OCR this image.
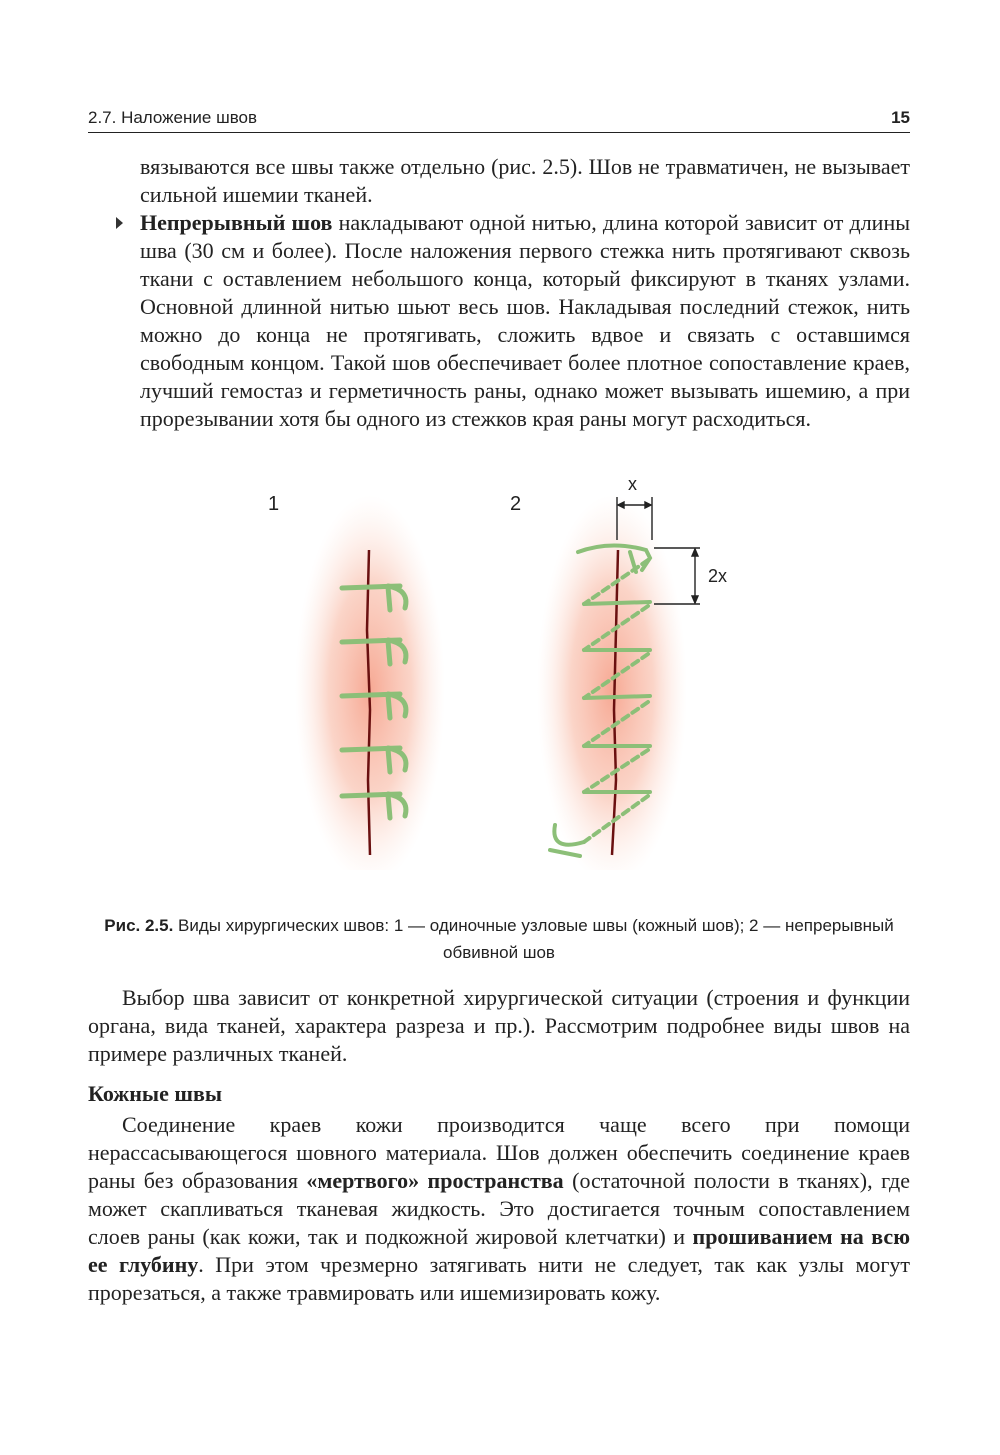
2.7. Наложение швов	15
вязываются все швы также отдельно (рис. 2.5). Шов не травматичен, не вызывает сильной ишемии тканей.
Непрерывный шов накладывают одной нитью, длина которой зависит от длины шва (30 см и более). После наложения первого стежка нить протягивают сквозь ткани с оставлением небольшого конца, который фиксируют в тканях узлами. Основной длинной нитью шьют весь шов. Накладывая последний стежок, нить можно до конца не протягивать, сложить вдвое и связать с оставшимся свободным концом. Такой шов обеспечивает более плотное сопоставление краев, лучший гемостаз и герметичность раны, однако может вызывать ишемию, а при прорезывании хотя бы одного из стежков края раны могут расходиться.
1	2
x
2x
Рис. 2.5. Виды хирургических швов: 1 — одиночные узловые швы (кожный шов); 2 — непрерывный обвивной шов
Выбор шва зависит от конкретной хирургической ситуации (строения и функции органа, вида тканей, характера разреза и пр.). Рассмотрим подробнее виды швов на примере различных тканей.
Кожные швы
Соединение краев кожи производится чаще всего при помощи нерассасывающегося шовного материала. Шов должен обеспечить соединение краев раны без образования «мертвого» пространства (остаточной полости в тканях), где может скапливаться тканевая жидкость. Это достигается точным сопоставлением слоев раны (как кожи, так и подкожной жировой клетчатки) и прошиванием на всю ее глубину. При этом чрезмерно затягивать нити не следует, так как узлы могут прорезаться, а также травмировать или ишемизировать кожу.
